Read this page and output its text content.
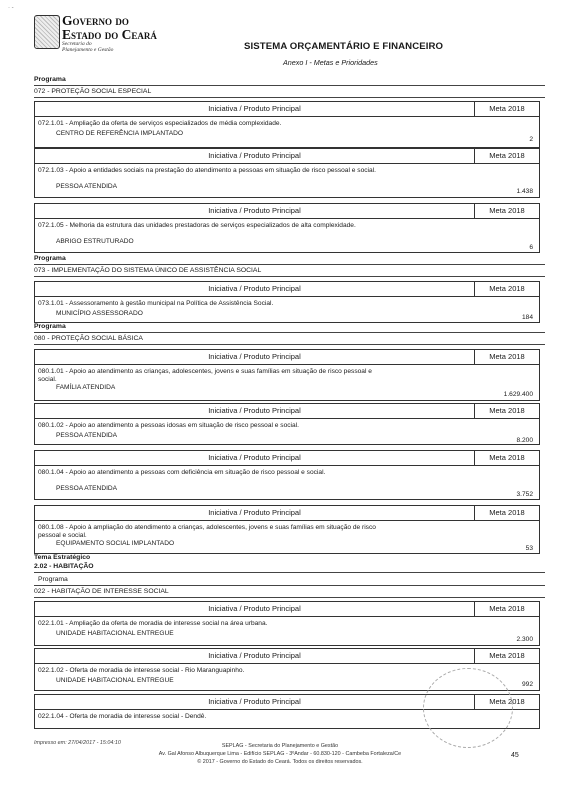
· -
Governo do
Estado do Ceará
Secretaria do Planejamento e Gestão	SISTEMA ORÇAMENTÁRIO E FINANCEIRO
Anexo I - Metas e Prioridades
Programa
072 - PROTEÇÃO SOCIAL ESPECIAL
Iniciativa / Produto Principal	Meta 2018
072.1.01 - Ampliação da oferta de serviços especializados de média complexidade.
CENTRO DE REFERÊNCIA IMPLANTADO
2
Iniciativa / Produto Principal	Meta 2018
072.1.03 - Apoio a entidades sociais na prestação do atendimento a pessoas em situação de risco pessoal e social.
PESSOA ATENDIDA
1.438
Iniciativa / Produto Principal	Meta 2018
072.1.05 - Melhoria da estrutura das unidades prestadoras de serviços especializados de alta complexidade.
ABRIGO ESTRUTURADO
6
Programa
073 - IMPLEMENTAÇÃO DO SISTEMA ÚNICO DE ASSISTÊNCIA SOCIAL
Iniciativa / Produto Principal	Meta 2018
073.1.01 - Assessoramento à gestão municipal na Política de Assistência Social.
MUNICÍPIO ASSESSORADO
184
Programa
080 - PROTEÇÃO SOCIAL BÁSICA
Iniciativa / Produto Principal	Meta 2018
080.1.01 - Apoio ao atendimento as crianças, adolescentes, jovens e suas famílias em situação de risco pessoal e social.
FAMÍLIA ATENDIDA
1.629.400
Iniciativa / Produto Principal	Meta 2018
080.1.02 - Apoio ao atendimento a pessoas idosas em situação de risco pessoal e social.
PESSOA ATENDIDA
8.200
Iniciativa / Produto Principal	Meta 2018
080.1.04 - Apoio ao atendimento a pessoas com deficiência em situação de risco pessoal e social.
PESSOA ATENDIDA
3.752
Iniciativa / Produto Principal	Meta 2018
080.1.08 - Apoio à ampliação do atendimento a crianças, adolescentes, jovens e suas famílias em situação de risco pessoal e social.
EQUIPAMENTO SOCIAL IMPLANTADO
53
Tema Estratégico
2.02 - HABITAÇÃO
Programa
022 - HABITAÇÃO DE INTERESSE SOCIAL
Iniciativa / Produto Principal	Meta 2018
022.1.01 - Ampliação da oferta de moradia de interesse social na área urbana.
UNIDADE HABITACIONAL ENTREGUE
2.300
Iniciativa / Produto Principal	Meta 2018
022.1.02 - Oferta de moradia de interesse social - Rio Maranguapinho.
UNIDADE HABITACIONAL ENTREGUE
992
Iniciativa / Produto Principal	Meta 2018
022.1.04 - Oferta de moradia de interesse social - Dendê.
Impresso em: 27/04/2017 - 15:04:10	SEPLAG - Secretaria do Planejamento e Gestão
Av. Gal Afonso Albuquerque Lima - Edifício SEPLAG - 3ºAndar - 60.830-120 - Cambeba Fortaleza/Ce
© 2017 - Governo do Estado do Ceará. Todos os direitos reservados.
45
